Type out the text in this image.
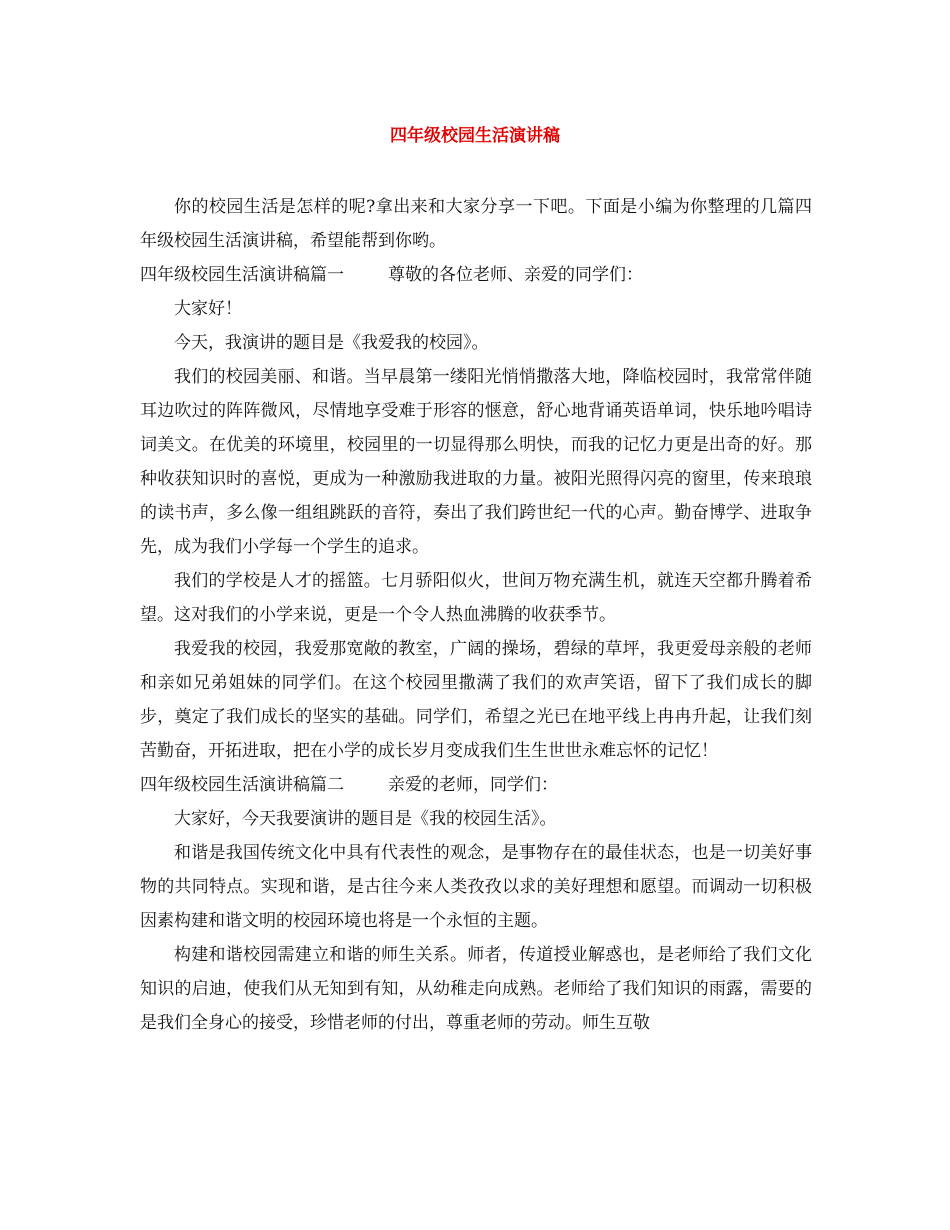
四年级校园生活演讲稿

你的校园生活是怎样的呢?拿出来和大家分享一下吧。下面是小编为你整理的几篇四年级校园生活演讲稿，希望能帮到你哟。

四年级校园生活演讲稿篇一	尊敬的各位老师、亲爱的同学们：

大家好！

今天，我演讲的题目是《我爱我的校园》。

我们的校园美丽、和谐。当早晨第一缕阳光悄悄撒落大地，降临校园时，我常常伴随耳边吹过的阵阵微风，尽情地享受难于形容的惬意，舒心地背诵英语单词，快乐地吟唱诗词美文。在优美的环境里，校园里的一切显得那么明快，而我的记忆力更是出奇的好。那种收获知识时的喜悦，更成为一种激励我进取的力量。被阳光照得闪亮的窗里，传来琅琅的读书声，多么像一组组跳跃的音符，奏出了我们跨世纪一代的心声。勤奋博学、进取争先，成为我们小学每一个学生的追求。

我们的学校是人才的摇篮。七月骄阳似火，世间万物充满生机，就连天空都升腾着希望。这对我们的小学来说，更是一个令人热血沸腾的收获季节。

我爱我的校园，我爱那宽敞的教室，广阔的操场，碧绿的草坪，我更爱母亲般的老师和亲如兄弟姐妹的同学们。在这个校园里撒满了我们的欢声笑语，留下了我们成长的脚步，奠定了我们成长的坚实的基础。同学们，希望之光已在地平线上冉冉升起，让我们刻苦勤奋，开拓进取，把在小学的成长岁月变成我们生生世世永难忘怀的记忆！

四年级校园生活演讲稿篇二	亲爱的老师，同学们：

大家好，今天我要演讲的题目是《我的校园生活》。

和谐是我国传统文化中具有代表性的观念，是事物存在的最佳状态，也是一切美好事物的共同特点。实现和谐，是古往今来人类孜孜以求的美好理想和愿望。而调动一切积极因素构建和谐文明的校园环境也将是一个永恒的主题。

构建和谐校园需建立和谐的师生关系。师者，传道授业解惑也，是老师给了我们文化知识的启迪，使我们从无知到有知，从幼稚走向成熟。老师给了我们知识的雨露，需要的是我们全身心的接受，珍惜老师的付出，尊重老师的劳动。师生互敬
